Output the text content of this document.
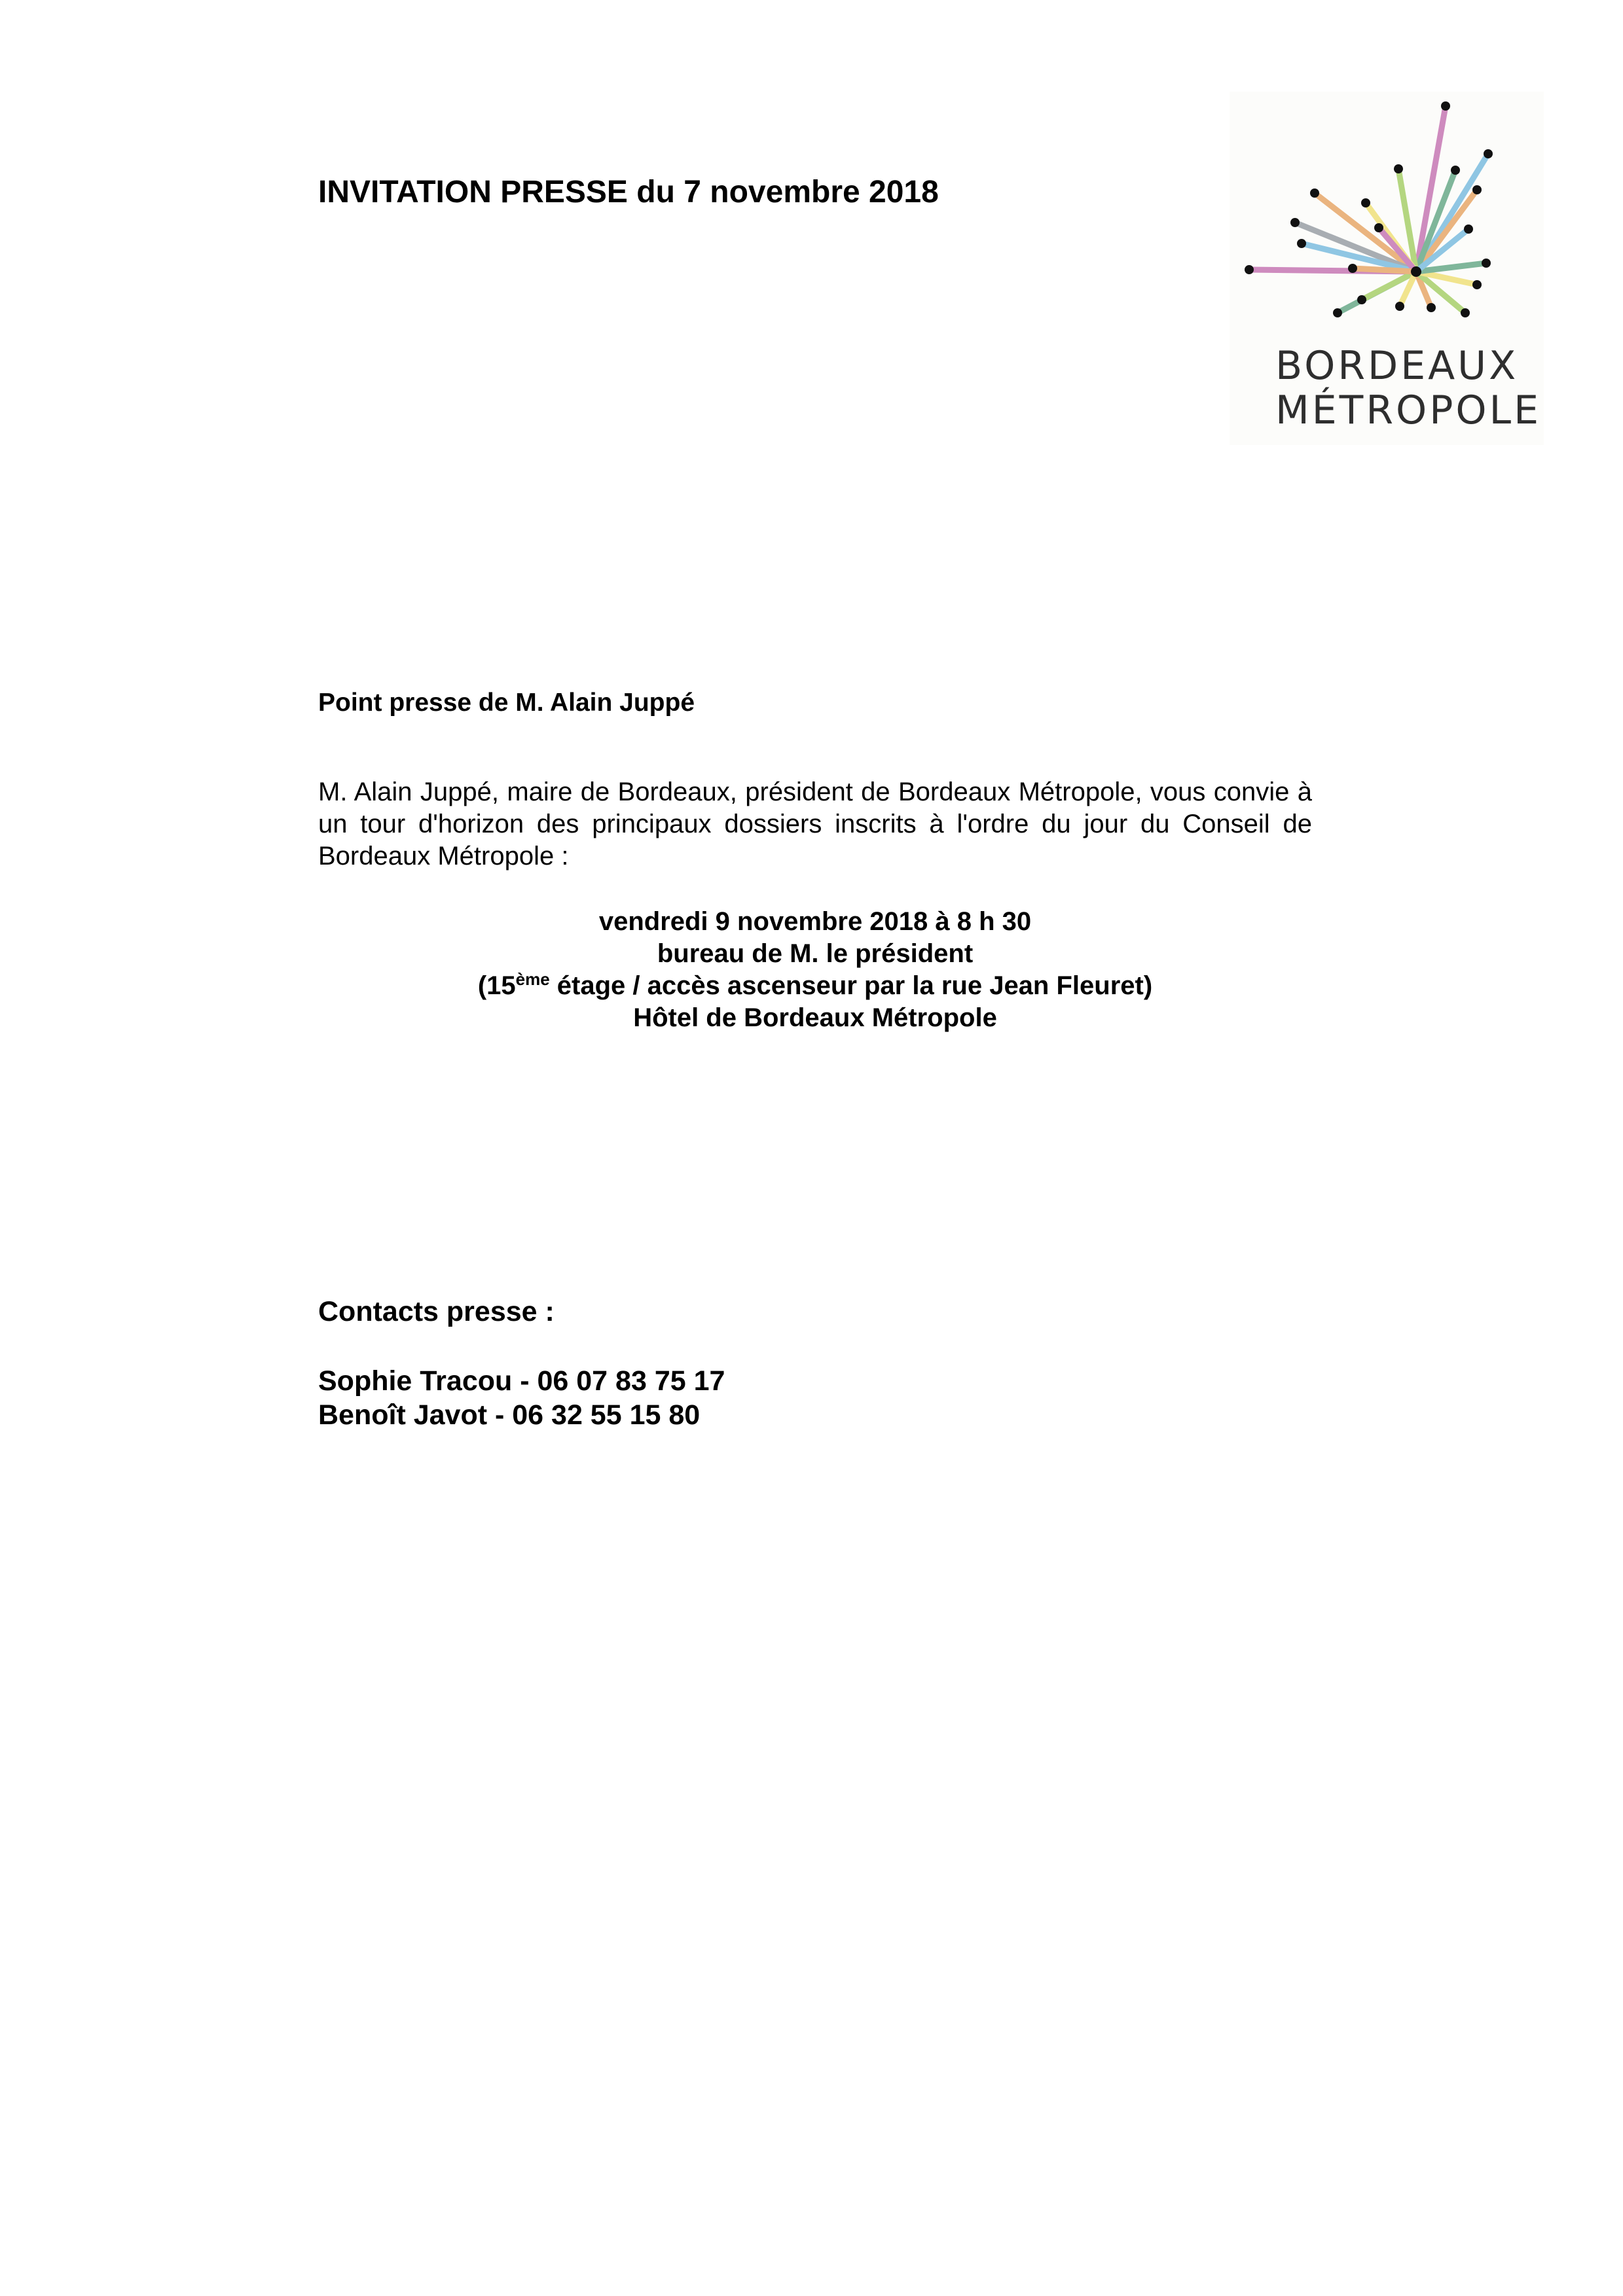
INVITATION PRESSE du 7 novembre 2018
BORDEAUX
MÉTROPOLE
Point presse de M. Alain Juppé
M. Alain Juppé, maire de Bordeaux, président de Bordeaux Métropole, vous convie à un tour d'horizon des principaux dossiers inscrits à l'ordre du jour du Conseil de Bordeaux Métropole :
vendredi 9 novembre 2018 à 8 h 30
bureau de M. le président
(15ème étage / accès ascenseur par la rue Jean Fleuret)
Hôtel de Bordeaux Métropole
Contacts presse :
Sophie Tracou - 06 07 83 75 17
Benoît Javot - 06 32 55 15 80
